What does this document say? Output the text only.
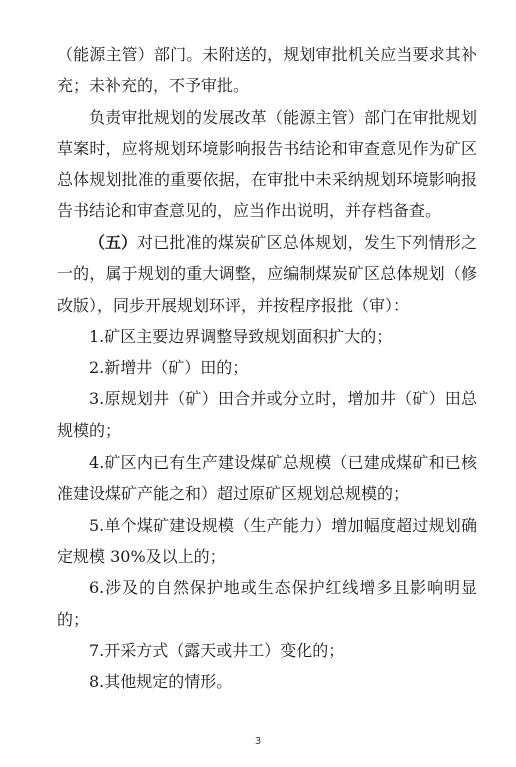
（能源主管）部门。未附送的，规划审批机关应当要求其补
充；未补充的，不予审批。
负责审批规划的发展改革（能源主管）部门在审批规划
草案时，应将规划环境影响报告书结论和审查意见作为矿区
总体规划批准的重要依据，在审批中未采纳规划环境影响报
告书结论和审查意见的，应当作出说明，并存档备查。
（五） 对已批准的煤炭矿区总体规划，发生下列情形之
一的，属于规划的重大调整，应编制煤炭矿区总体规划（修
改版），同步开展规划环评，并按程序报批（审）：
1.矿区主要边界调整导致规划面积扩大的；
2.新增井（矿）田的；
3.原规划井（矿）田合并或分立时，增加井（矿）田总
规模的；
4.矿区内已有生产建设煤矿总规模（已建成煤矿和已核
准建设煤矿产能之和）超过原矿区规划总规模的；
5.单个煤矿建设规模（生产能力）增加幅度超过规划确
定规模 30%及以上的；
6.涉及的自然保护地或生态保护红线增多且影响明显
的；
7.开采方式（露天或井工）变化的；
8.其他规定的情形。
3
